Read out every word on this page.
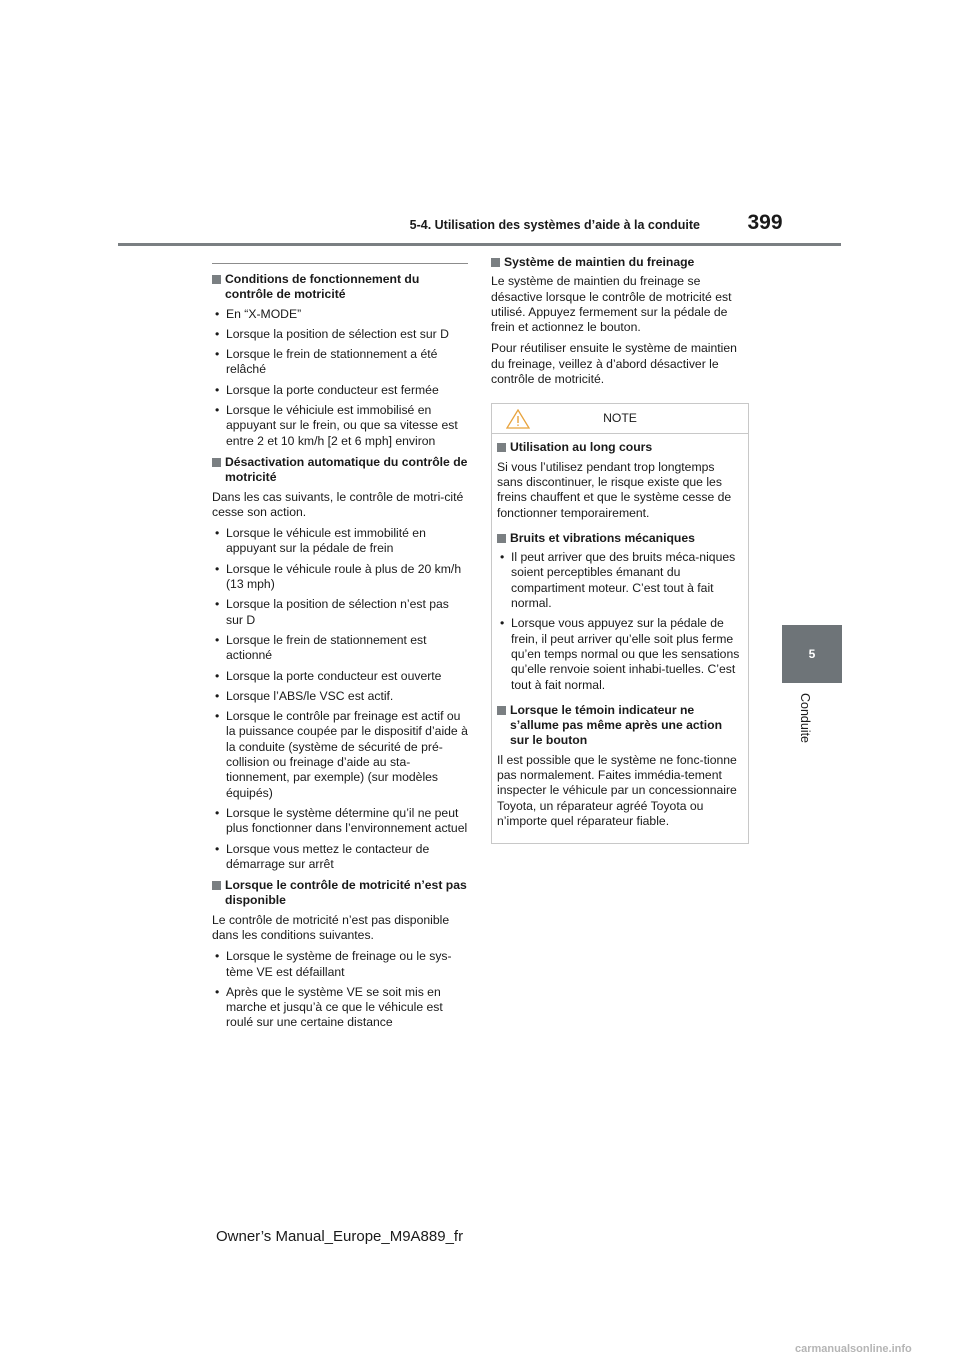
5-4. Utilisation des systèmes d’aide à la conduite	399
5
Conduite
Conditions de fonctionnement du contrôle de motricité
• En “X-MODE”
• Lorsque la position de sélection est sur D
• Lorsque le frein de stationnement a été relâché
• Lorsque la porte conducteur est fermée
• Lorsque le véhiciule est immobilisé en appuyant sur le frein, ou que sa vitesse est entre 2 et 10 km/h [2 et 6 mph] environ
Désactivation automatique du contrôle de motricité

Dans les cas suivants, le contrôle de motri-cité cesse son action.

• Lorsque le véhicule est immobilité en appuyant sur la pédale de frein
• Lorsque le véhicule roule à plus de 20 km/h (13 mph)
• Lorsque la position de sélection n’est pas sur D
• Lorsque le frein de stationnement est actionné
• Lorsque la porte conducteur est ouverte
• Lorsque l’ABS/le VSC est actif.
• Lorsque le contrôle par freinage est actif ou la puissance coupée par le dispositif d’aide à la conduite (système de sécurité de pré-collision ou freinage d’aide au sta-tionnement, par exemple) (sur modèles équipés)
• Lorsque le système détermine qu’il ne peut plus fonctionner dans l’environnement actuel
• Lorsque vous mettez le contacteur de démarrage sur arrêt
Lorsque le contrôle de motricité n’est pas disponible

Le contrôle de motricité n’est pas disponible dans les conditions suivantes.

• Lorsque le système de freinage ou le sys-tème VE est défaillant
• Après que le système VE se soit mis en marche et jusqu’à ce que le véhicule est roulé sur une certaine distance
Système de maintien du freinage

Le système de maintien du freinage se désactive lorsque le contrôle de motricité est utilisé. Appuyez fermement sur la pédale de frein et actionnez le bouton.

Pour réutiliser ensuite le système de maintien du freinage, veillez à d’abord désactiver le contrôle de motricité.

NOTE
Utilisation au long cours

Si vous l’utilisez pendant trop longtemps sans discontinuer, le risque existe que les freins chauffent et que le système cesse de fonctionner temporairement.

Bruits et vibrations mécaniques
• Il peut arriver que des bruits méca-niques soient perceptibles émanant du compartiment moteur. C’est tout à fait normal.
• Lorsque vous appuyez sur la pédale de frein, il peut arriver qu’elle soit plus ferme qu’en temps normal ou que les sensations qu’elle renvoie soient inhabi-tuelles. C’est tout à fait normal.
Lorsque le témoin indicateur ne s’allume pas même après une action sur le bouton

Il est possible que le système ne fonc-tionne pas normalement. Faites immédia-tement inspecter le véhicule par un concessionnaire Toyota, un réparateur agréé Toyota ou n’importe quel réparateur fiable.

Owner’s Manual_Europe_M9A889_fr
carmanualsonline.info
